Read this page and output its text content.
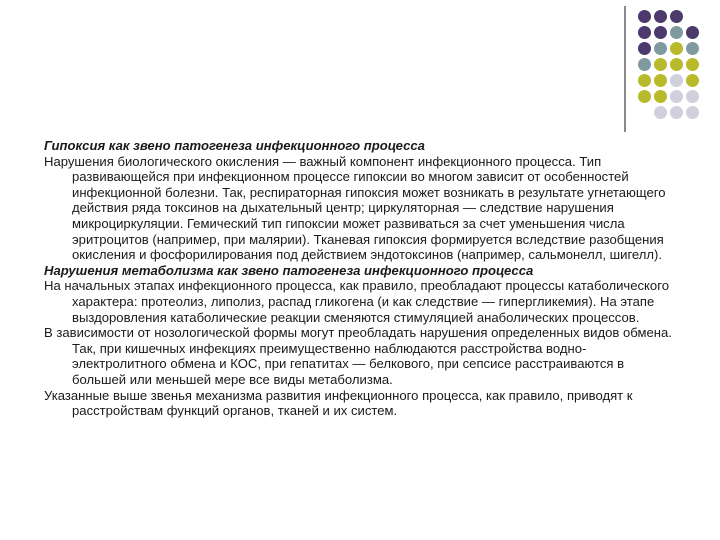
Гипоксия как звено патогенеза инфекционного процесса

Нарушения биологического окисления — важный компонент инфекционного процесса. Тип развивающейся при инфекционном процессе гипоксии во многом зависит от особенностей инфекционной болезни. Так, респираторная гипоксия может возникать в результате угнетающего действия ряда токсинов на дыхательный центр; циркуляторная — следствие нарушения микроциркуляции. Гемический тип гипоксии может развиваться за счет уменьшения числа эритроцитов (например, при малярии). Тканевая гипоксия формируется вследствие разобщения окисления и фосфорилирования под действием эндотоксинов (например, сальмонелл, шигелл).

Нарушения метаболизма как звено патогенеза инфекционного процесса

На начальных этапах инфекционного процесса, как правило, преобладают процессы катаболического характера: протеолиз, липолиз, распад гликогена (и как следствие — гипергликемия). На этапе выздоровления катаболические реакции сменяются стимуляцией анаболических процессов.

В зависимости от нозологической формы могут преобладать нарушения определенных видов обмена. Так, при кишечных инфекциях преимущественно наблюдаются расстройства водно-электролитного обмена и КОС, при гепатитах — белкового, при сепсисе расстраиваются в большей или меньшей мере все виды метаболизма.

Указанные выше звенья механизма развития инфекционного процесса, как правило, приводят к расстройствам функций органов, тканей и их систем.
